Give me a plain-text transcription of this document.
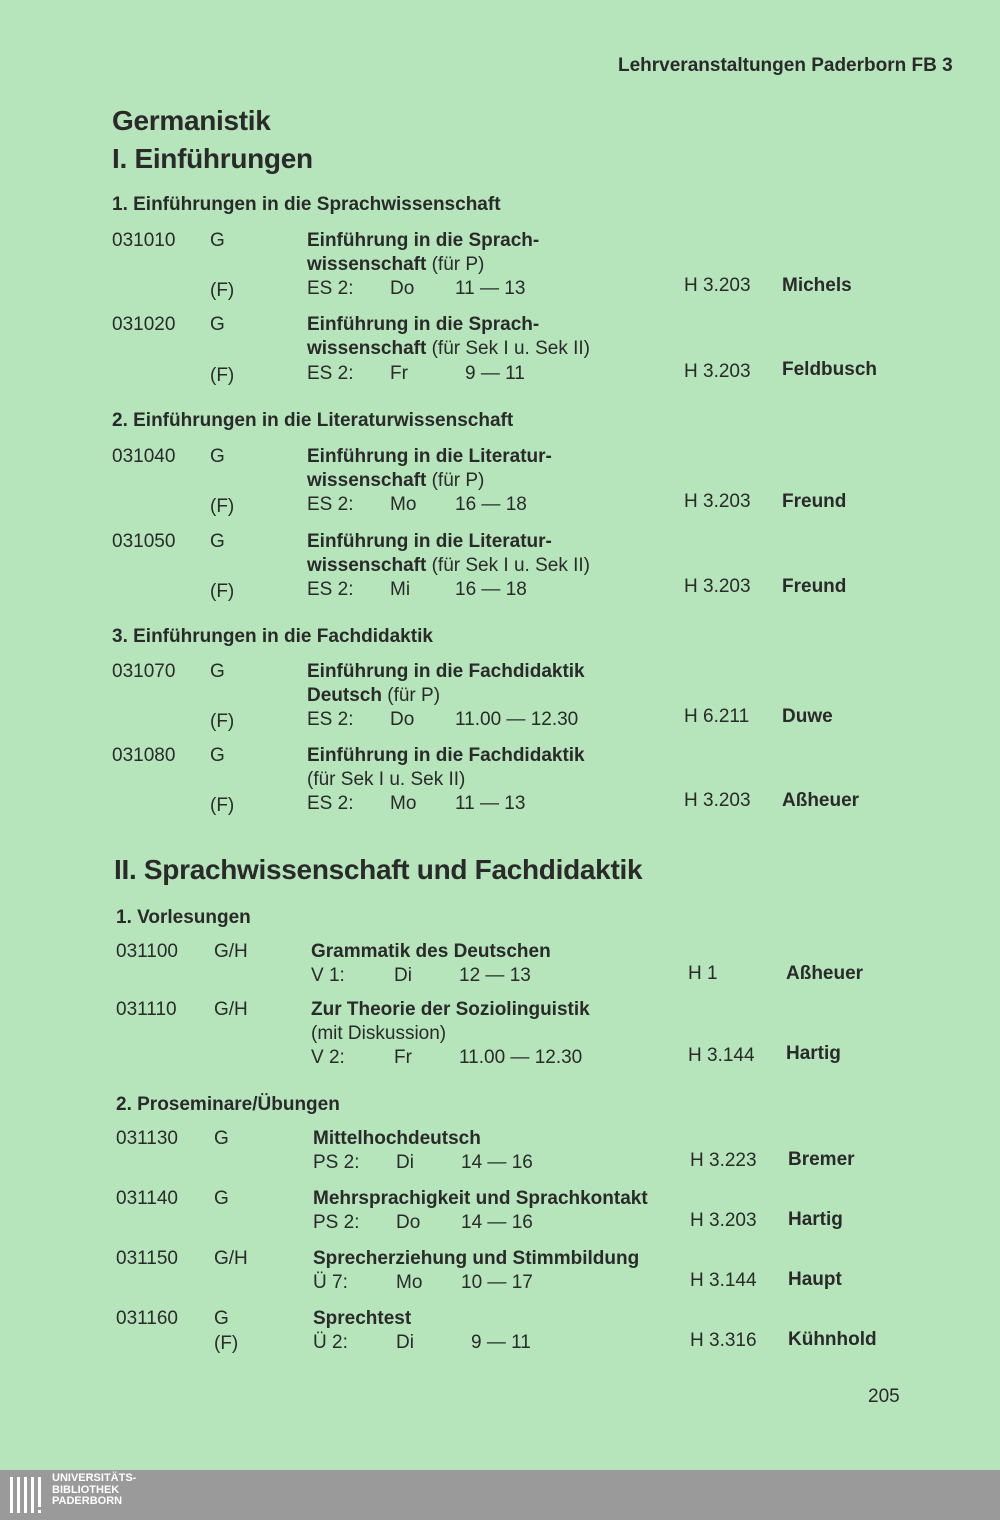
Lehrveranstaltungen Paderborn FB 3
Germanistik
I. Einführungen
1. Einführungen in die Sprachwissenschaft
031010 G	Einführung in die Sprach-
wissenschaft (für P)
(F)	ES 2: Do 11 — 13	H 3.203 Michels
031020 G	Einführung in die Sprach-
wissenschaft (für Sek I u. Sek II)
(F)	ES 2: Fr	9 — 11	H 3.203 Feldbusch
2. Einführungen in die Literaturwissenschaft
031040 G	Einführung in die Literatur-
wissenschaft (für P)
(F)	ES 2: Mo 16 — 18	H 3.203 Freund
031050 G	Einführung in die Literatur-
wissenschaft (für Sek I u. Sek II)
(F)	ES 2: Mi 16 — 18	H 3.203 Freund
3. Einführungen in die Fachdidaktik
031070 G	Einführung in die Fachdidaktik
Deutsch (für P)
(F)	ES 2: Do 11.00 — 12.30	H 6.211 Duwe
031080 G	Einführung in die Fachdidaktik
(für Sek I u. Sek II)
(F)	ES 2: Mo 11 — 13	H 3.203 Aßheuer
II. Sprachwissenschaft und Fachdidaktik
1. Vorlesungen
031100 G/H	Grammatik des Deutschen
V 1:	Di 12 — 13	H 1	Aßheuer
031110 G/H	Zur Theorie der Soziolinguistik
(mit Diskussion)
V 2:	Fr 11.00 — 12.30	H 3.144 Hartig
2. Proseminare/Übungen
031130 G	Mittelhochdeutsch
PS 2: Di 14 — 16	H 3.223 Bremer
031140 G	Mehrsprachigkeit und Sprachkontakt
PS 2: Do 14 — 16	H 3.203 Hartig
031150 G/H	Sprecherziehung und Stimmbildung
Ü 7:	Mo 10 — 17	H 3.144 Haupt
031160 G	Sprechtest
(F)	Ü 2:	Di	9 — 11	H 3.316 Kühnhold
205
UNIVERSITÄTS-
BIBLIOTHEK
PADERBORN
